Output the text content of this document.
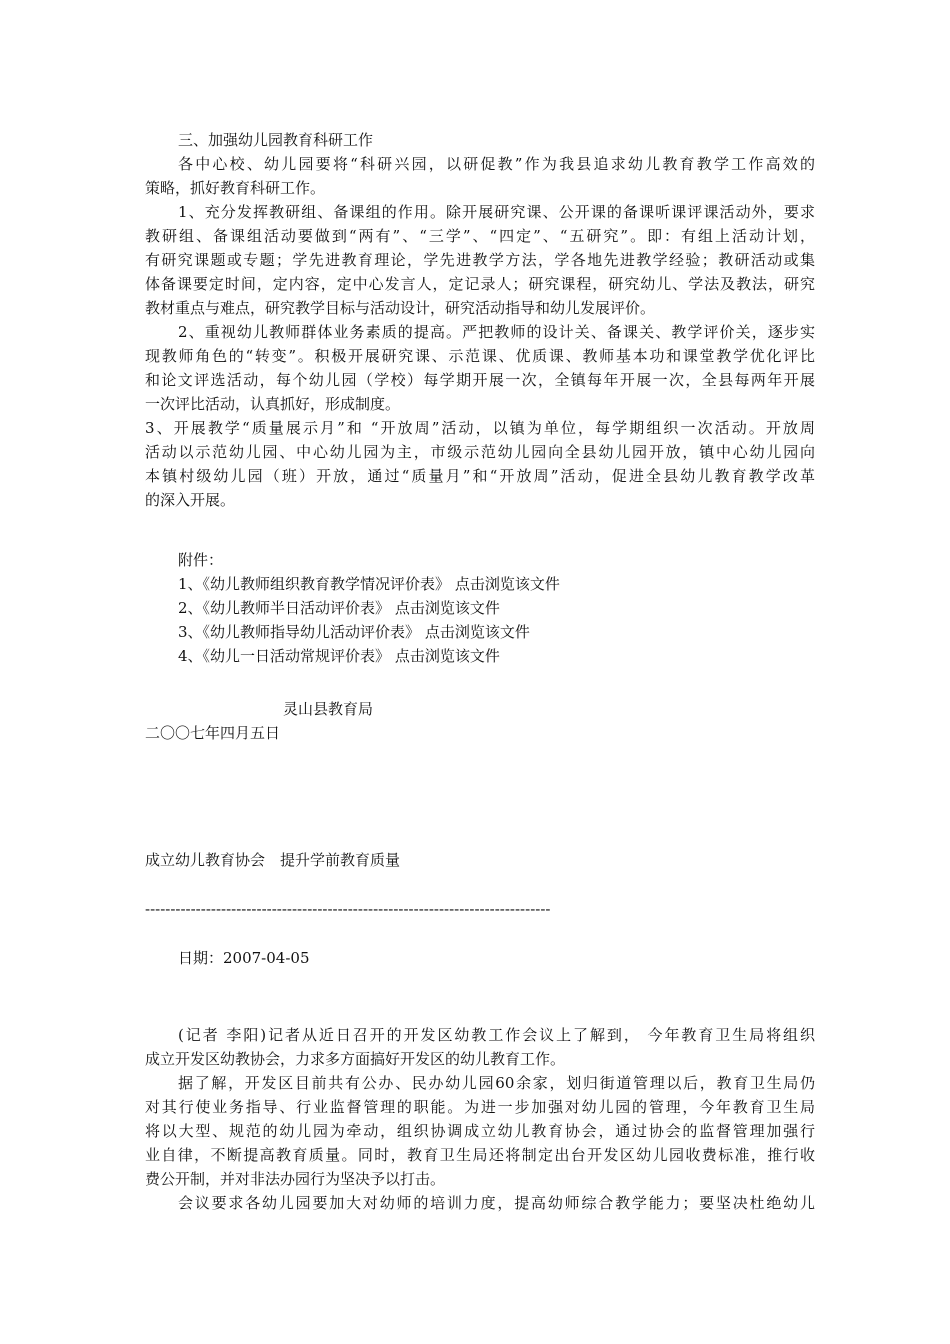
三、加强幼儿园教育科研工作
各中心校、幼儿园要将“科研兴园，以研促教”作为我县追求幼儿教育教学工作高效的
策略，抓好教育科研工作。
1、充分发挥教研组、备课组的作用。除开展研究课、公开课的备课听课评课活动外，要求
教研组、备课组活动要做到“两有”、“三学”、“四定”、“五研究”。即：有组上活动计划，
有研究课题或专题；学先进教育理论，学先进教学方法，学各地先进教学经验；教研活动或集
体备课要定时间，定内容，定中心发言人，定记录人；研究课程，研究幼儿、学法及教法，研究
教材重点与难点，研究教学目标与活动设计，研究活动指导和幼儿发展评价。
2、重视幼儿教师群体业务素质的提高。严把教师的设计关、备课关、教学评价关，逐步实
现教师角色的“转变”。积极开展研究课、示范课、优质课、教师基本功和课堂教学优化评比
和论文评选活动，每个幼儿园（学校）每学期开展一次，全镇每年开展一次，全县每两年开展
一次评比活动，认真抓好，形成制度。
3、开展教学“质量展示月”和 “开放周”活动，以镇为单位，每学期组织一次活动。开放周
活动以示范幼儿园、中心幼儿园为主，市级示范幼儿园向全县幼儿园开放，镇中心幼儿园向
本镇村级幼儿园（班）开放，通过“质量月”和“开放周”活动，促进全县幼儿教育教学改革
的深入开展。
附件：
1、《幼儿教师组织教育教学情况评价表》 点击浏览该文件
2、《幼儿教师半日活动评价表》 点击浏览该文件
3、《幼儿教师指导幼儿活动评价表》 点击浏览该文件
4、《幼儿一日活动常规评价表》 点击浏览该文件
灵山县教育局
二〇〇七年四月五日
成立幼儿教育协会　提升学前教育质量
--------------------------------------------------------------------------------
日期：2007-04-05
(记者 李阳)记者从近日召开的开发区幼教工作会议上了解到， 今年教育卫生局将组织
成立开发区幼教协会，力求多方面搞好开发区的幼儿教育工作。
据了解，开发区目前共有公办、民办幼儿园60余家，划归街道管理以后，教育卫生局仍
对其行使业务指导、行业监督管理的职能。为进一步加强对幼儿园的管理，今年教育卫生局
将以大型、规范的幼儿园为牵动，组织协调成立幼儿教育协会，通过协会的监督管理加强行
业自律，不断提高教育质量。同时，教育卫生局还将制定出台开发区幼儿园收费标准，推行收
费公开制，并对非法办园行为坚决予以打击。
会议要求各幼儿园要加大对幼师的培训力度，提高幼师综合教学能力；要坚决杜绝幼儿
